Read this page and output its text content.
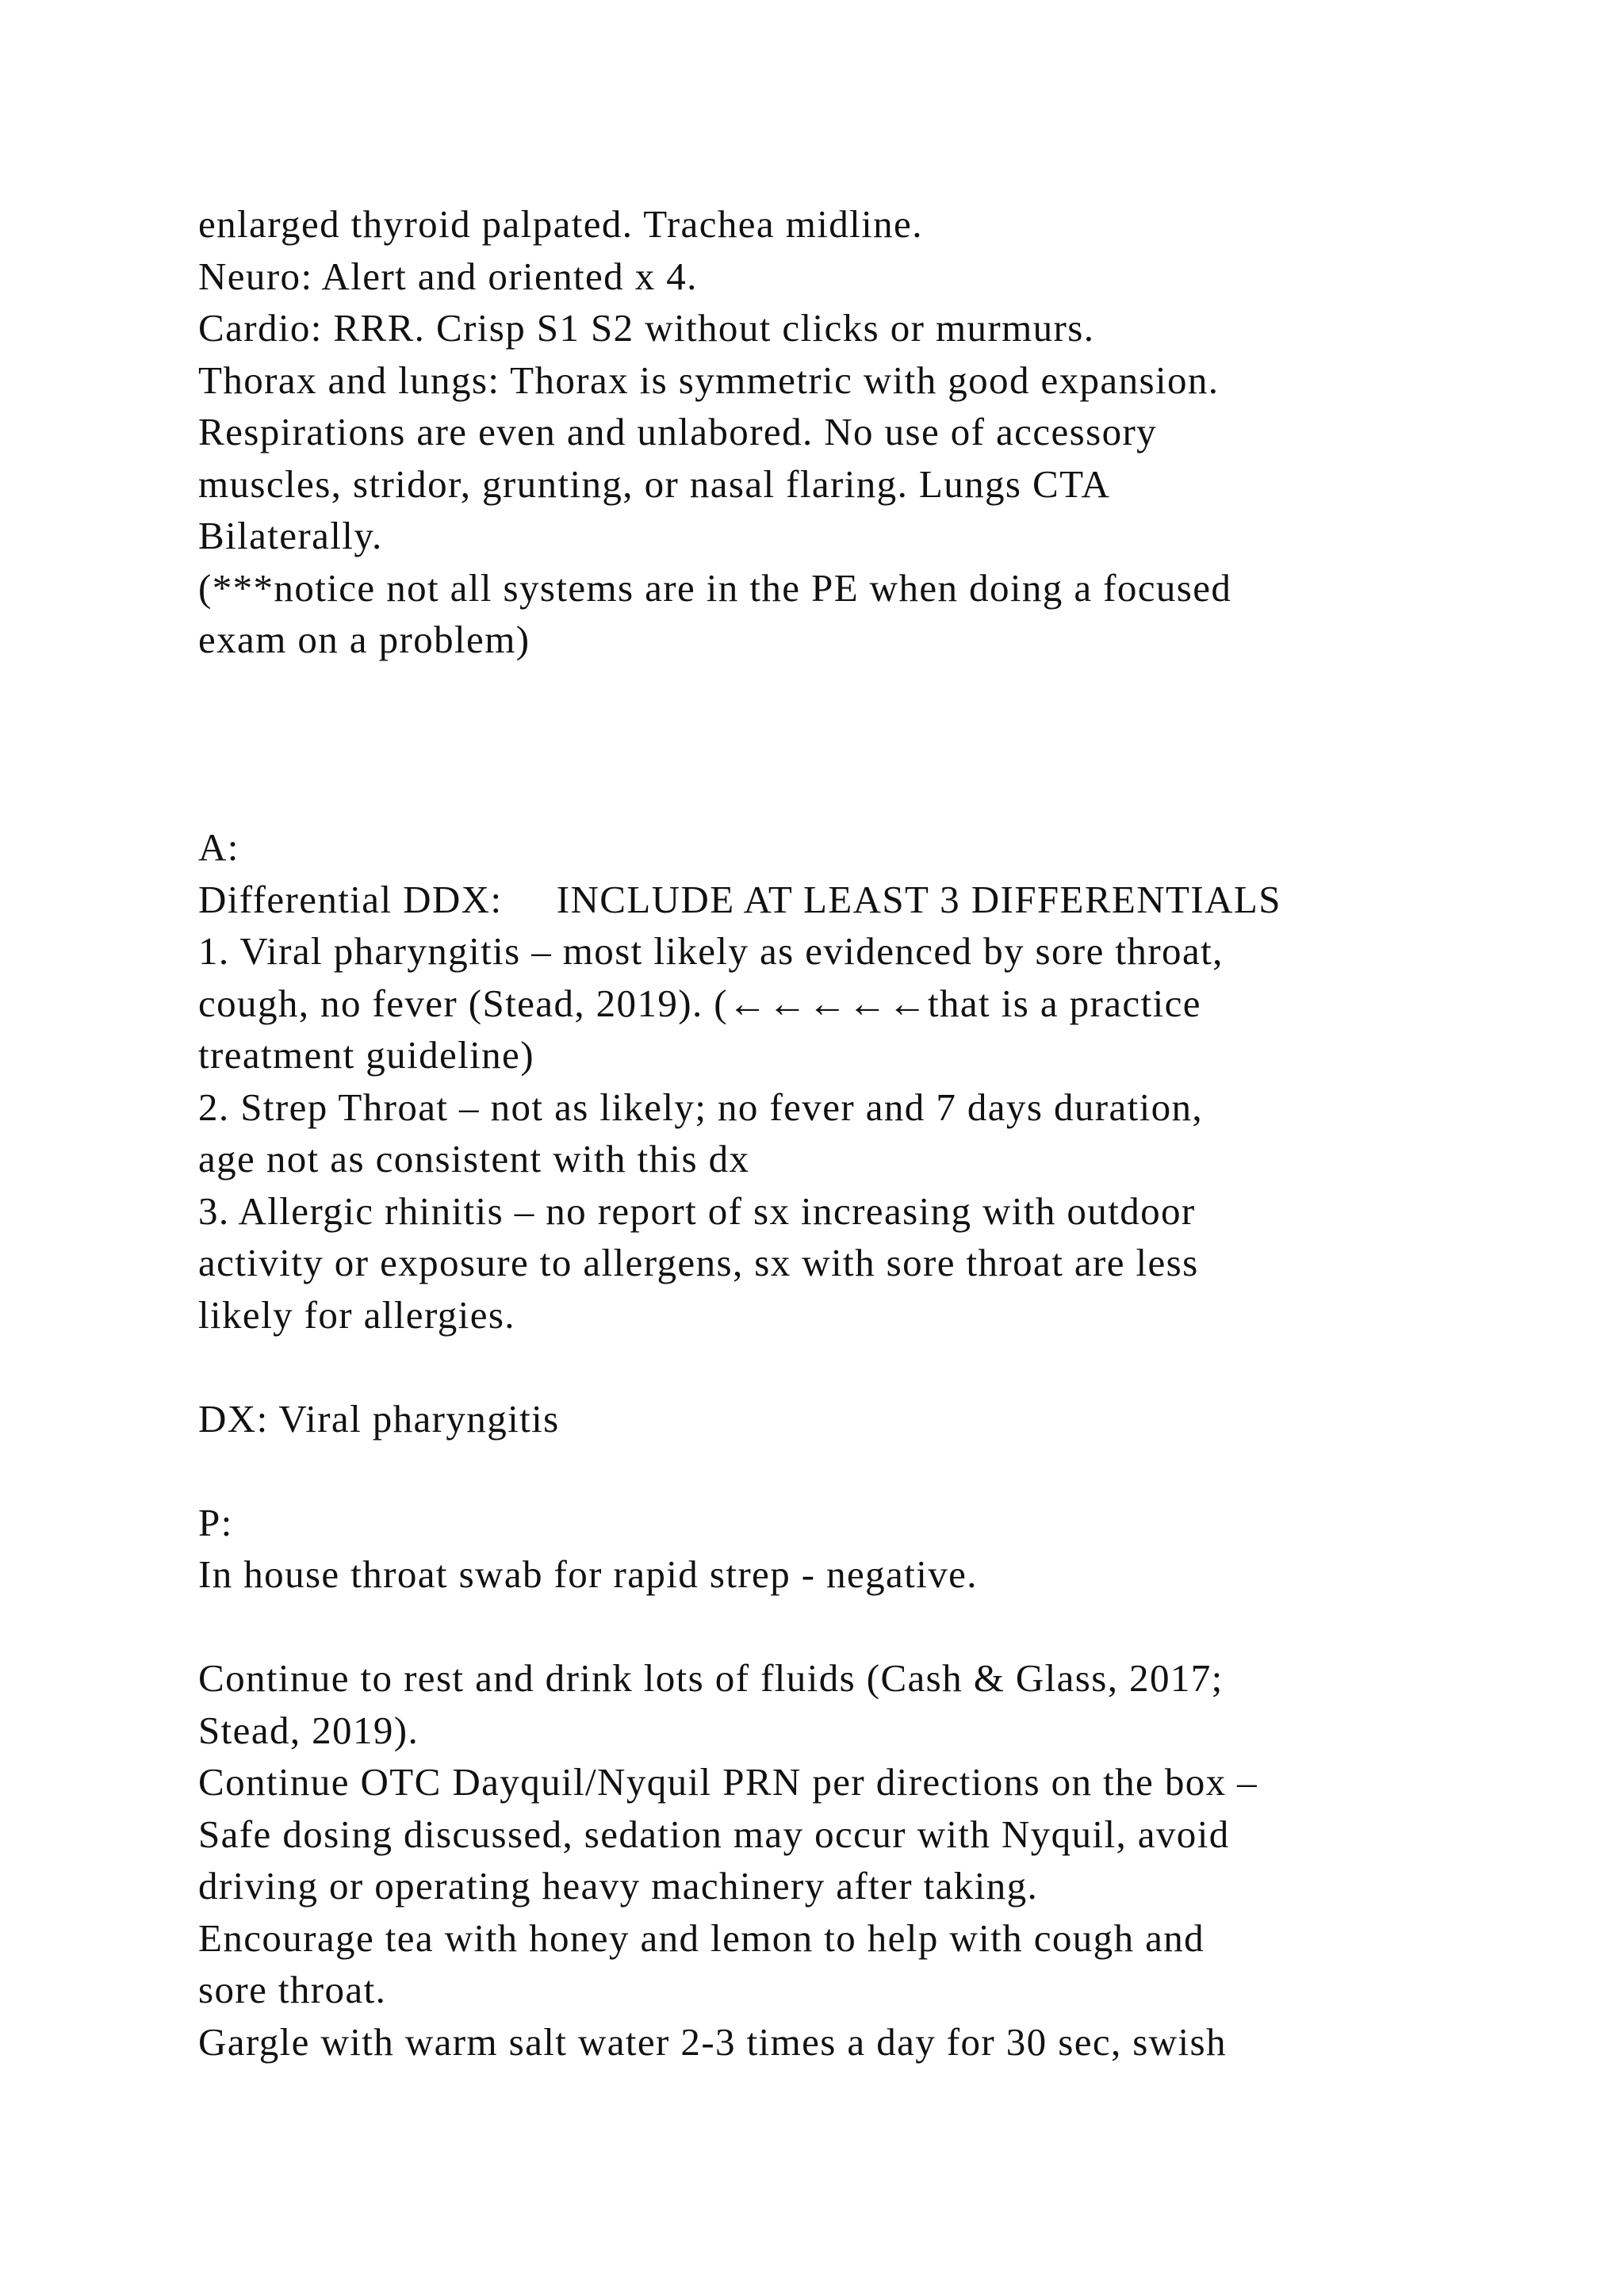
enlarged thyroid palpated. Trachea midline.
Neuro: Alert and oriented x 4.
Cardio: RRR. Crisp S1 S2 without clicks or murmurs.
Thorax and lungs: Thorax is symmetric with good expansion.
Respirations are even and unlabored. No use of accessory
muscles, stridor, grunting, or nasal flaring. Lungs CTA
Bilaterally.
(***notice not all systems are in the PE when doing a focused
exam on a problem)
A:
Differential DDX:     INCLUDE AT LEAST 3 DIFFERENTIALS
1. Viral pharyngitis – most likely as evidenced by sore throat,
cough, no fever (Stead, 2019). (←←←←←that is a practice
treatment guideline)
2. Strep Throat – not as likely; no fever and 7 days duration,
age not as consistent with this dx
3. Allergic rhinitis – no report of sx increasing with outdoor
activity or exposure to allergens, sx with sore throat are less
likely for allergies.
DX: Viral pharyngitis
P:
In house throat swab for rapid strep - negative.
Continue to rest and drink lots of fluids (Cash & Glass, 2017;
Stead, 2019).
Continue OTC Dayquil/Nyquil PRN per directions on the box –
Safe dosing discussed, sedation may occur with Nyquil, avoid
driving or operating heavy machinery after taking.
Encourage tea with honey and lemon to help with cough and
sore throat.
Gargle with warm salt water 2-3 times a day for 30 sec, swish
